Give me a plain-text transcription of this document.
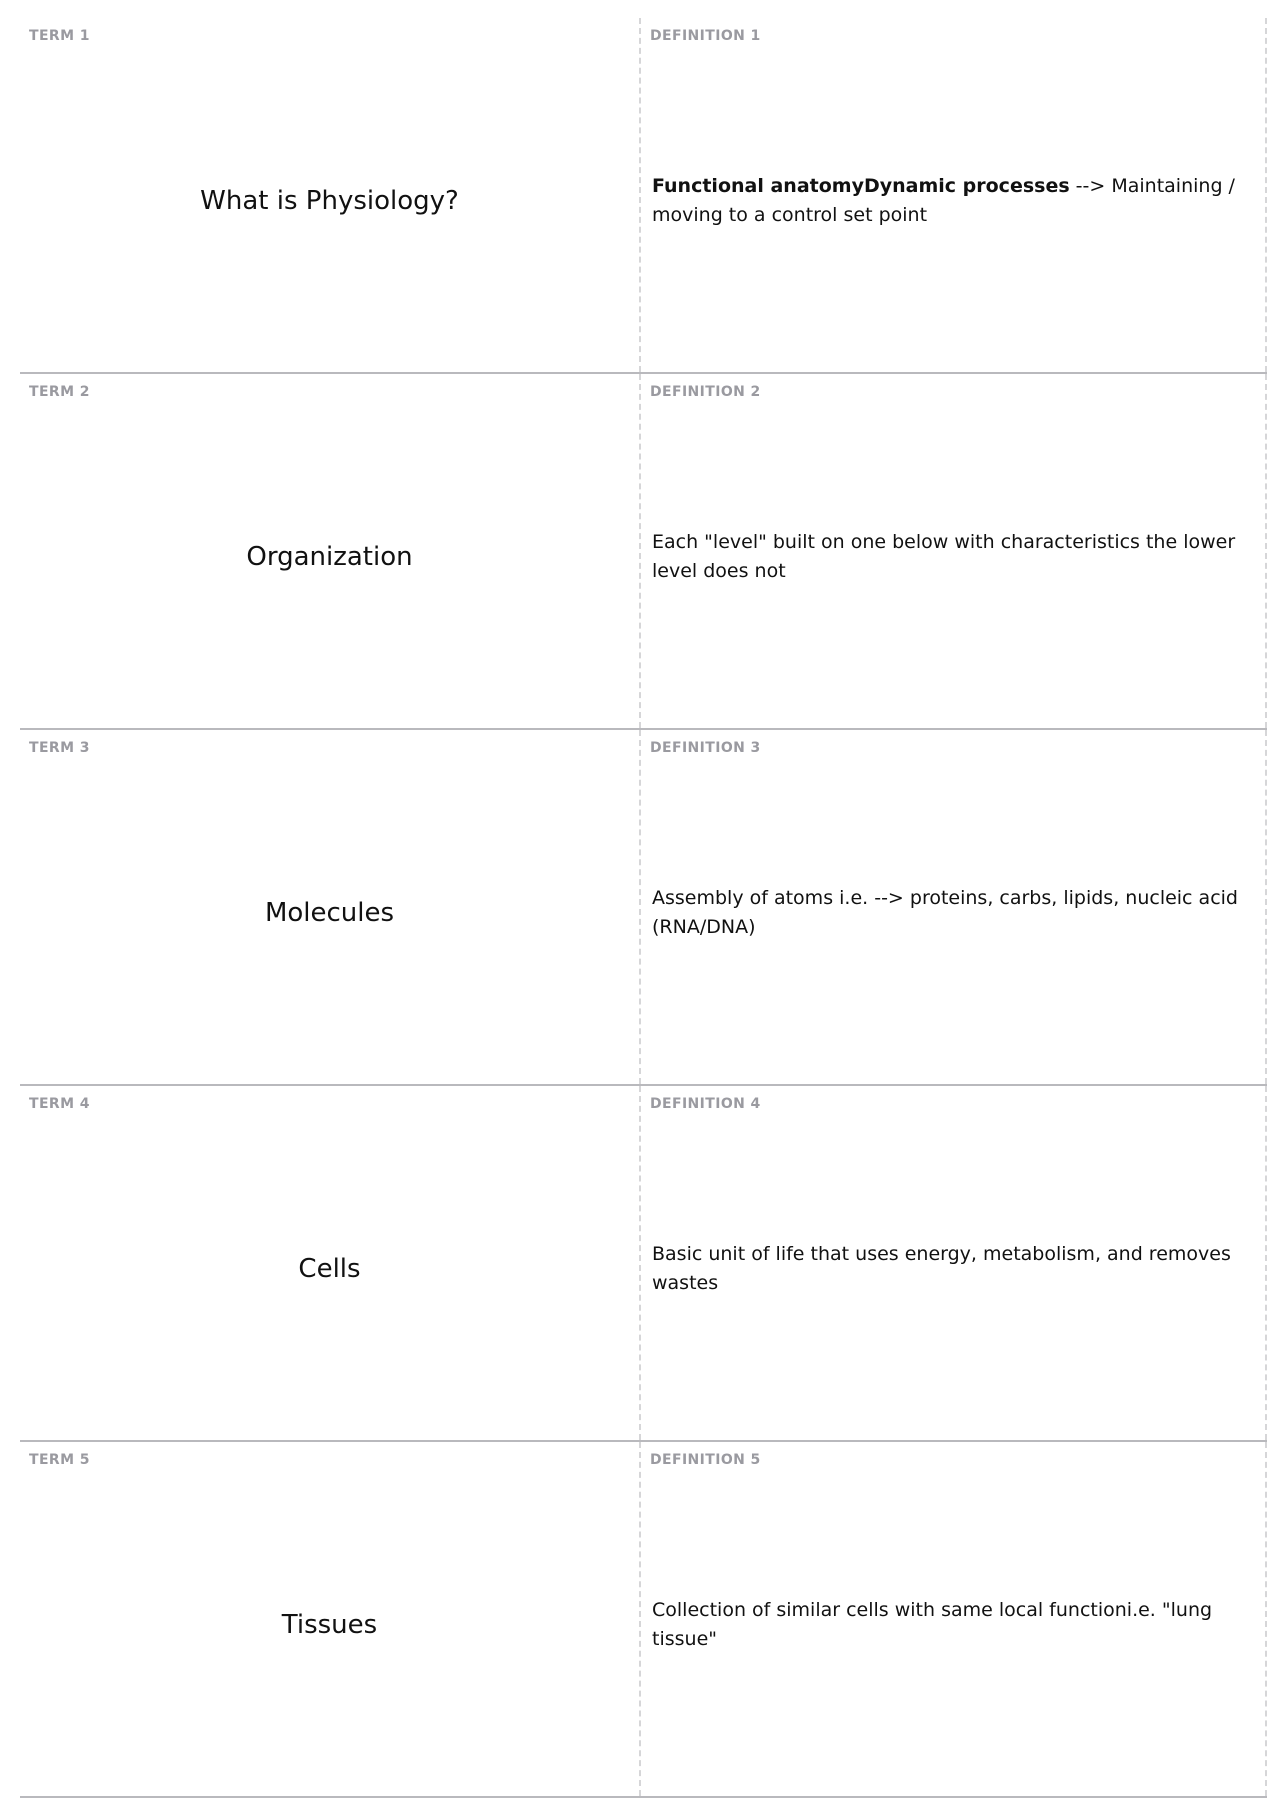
TERM 1
What is Physiology?
DEFINITION 1
Functional anatomyDynamic processes --> Maintaining / moving to a control set point
TERM 2
Organization
DEFINITION 2
Each "level" built on one below with characteristics the lower level does not
TERM 3
Molecules
DEFINITION 3
Assembly of atoms i.e. --> proteins, carbs, lipids, nucleic acid (RNA/DNA)
TERM 4
Cells
DEFINITION 4
Basic unit of life that uses energy, metabolism, and removes wastes
TERM 5
Tissues
DEFINITION 5
Collection of similar cells with same local functioni.e. "lung tissue"
